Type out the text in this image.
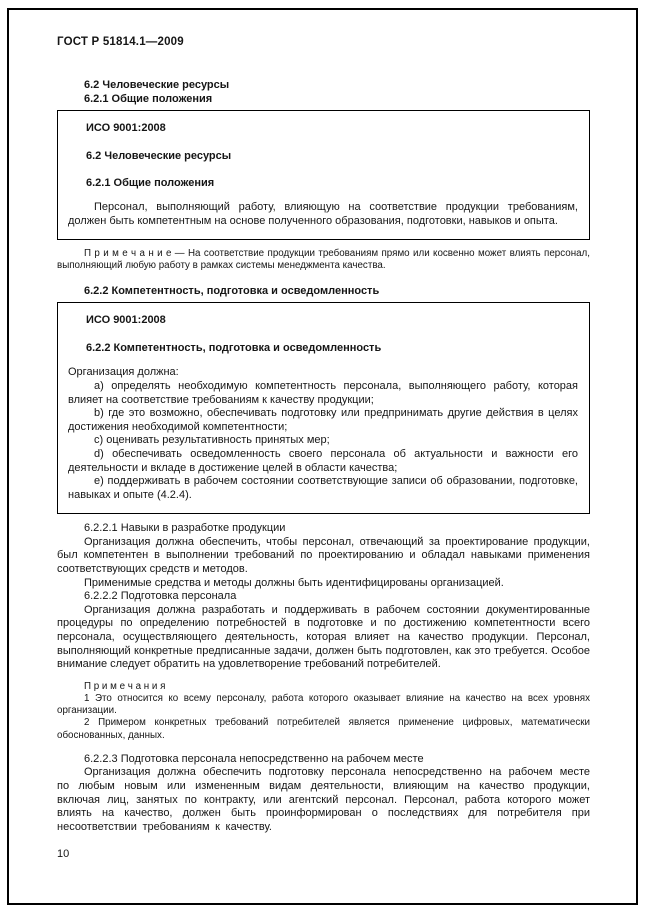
ГОСТ Р 51814.1—2009

6.2 Человеческие ресурсы

6.2.1 Общие положения

ИСО 9001:2008

6.2 Человеческие ресурсы

6.2.1 Общие положения

Персонал, выполняющий работу, влияющую на соответствие продукции требованиям, должен быть компетентным на основе полученного образования, подготовки, навыков и опыта.

П р и м е ч а н и е — На соответствие продукции требованиям прямо или косвенно может влиять персонал, выполняющий любую работу в рамках системы менеджмента качества.

6.2.2 Компетентность, подготовка и осведомленность

ИСО 9001:2008

6.2.2 Компетентность, подготовка и осведомленность

Организация должна:

a) определять необходимую компетентность персонала, выполняющего работу, которая влияет на соответствие требованиям к качеству продукции;

b) где это возможно, обеспечивать подготовку или предпринимать другие действия в целях достижения необходимой компетентности;

c) оценивать результативность принятых мер;

d) обеспечивать осведомленность своего персонала об актуальности и важности его деятельности и вкладе в достижение целей в области качества;

e) поддерживать в рабочем состоянии соответствующие записи об образовании, подготовке, навыках и опыте (4.2.4).

6.2.2.1 Навыки в разработке продукции

Организация должна обеспечить, чтобы персонал, отвечающий за проектирование продукции, был компетентен в выполнении требований по проектированию и обладал навыками применения соответствующих средств и методов.

Применимые средства и методы должны быть идентифицированы организацией.

6.2.2.2 Подготовка персонала

Организация должна разработать и поддерживать в рабочем состоянии документированные процедуры по определению потребностей в подготовке и по достижению компетентности всего персонала, осуществляющего деятельность, которая влияет на качество продукции. Персонал, выполняющий конкретные предписанные задачи, должен быть подготовлен, как это требуется. Особое внимание следует обратить на удовлетворение требований потребителей.

П р и м е ч а н и я

1 Это относится ко всему персоналу, работа которого оказывает влияние на качество на всех уровнях организации.

2 Примером конкретных требований потребителей является применение цифровых, математически обоснованных, данных.

6.2.2.3 Подготовка персонала непосредственно на рабочем месте

Организация должна обеспечить подготовку персонала непосредственно на рабочем месте по любым новым или измененным видам деятельности, влияющим на качество продукции, включая лиц, занятых по контракту, или агентский персонал. Персонал, работа которого может влиять на качество, должен быть проинформирован о последствиях для потребителя при несоответствии требованиям к качеству.

10
